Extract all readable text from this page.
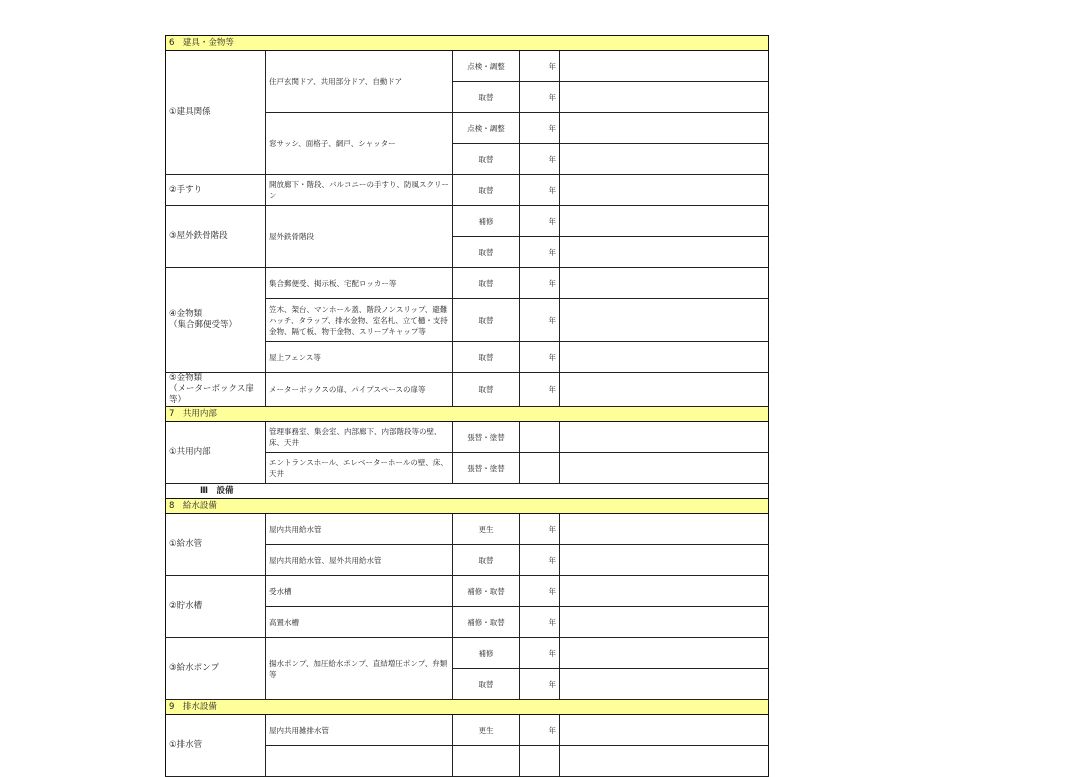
6　建具・金物等				
①建具関係	住戸玄関ドア、共用部分ドア、自動ドア	点検・調整	年	
		取替	年	
	窓サッシ、面格子、網戸、シャッター	点検・調整	年	
		取替	年	
②手すり	開放廊下・階段、バルコニーの手すり、防風スクリーン	取替	年	
③屋外鉄骨階段	屋外鉄骨階段	補修	年	
		取替	年	
④金物類
（集合郵便受等）	集合郵便受、掲示板、宅配ロッカー等	取替	年	
	笠木、架台、マンホール蓋、階段ノンスリップ、避難ハッチ、タラップ、排水金物、室名札、立て樋・支持金物、隔て板、物干金物、スリーブキャップ等	取替	年	
	屋上フェンス等	取替	年	
⑤金物類
（メーターボックス扉等）	メーターボックスの扉、パイプスペースの扉等	取替	年	
7　共用内部				
①共用内部	管理事務室、集会室、内部廊下、内部階段等の壁、床、天井	張替・塗替		
	エントランスホール、エレベーターホールの壁、床、天井	張替・塗替		
Ⅲ　設備				
8　給水設備				
①給水管	屋内共用給水管	更生	年	
	屋内共用給水管、屋外共用給水管	取替	年	
②貯水槽	受水槽	補修・取替	年	
	高置水槽	補修・取替	年	
③給水ポンプ	揚水ポンプ、加圧給水ポンプ、直結増圧ポンプ、弁類等	補修	年	
		取替	年	
9　排水設備				
①排水管	屋内共用雑排水管	更生	年	
